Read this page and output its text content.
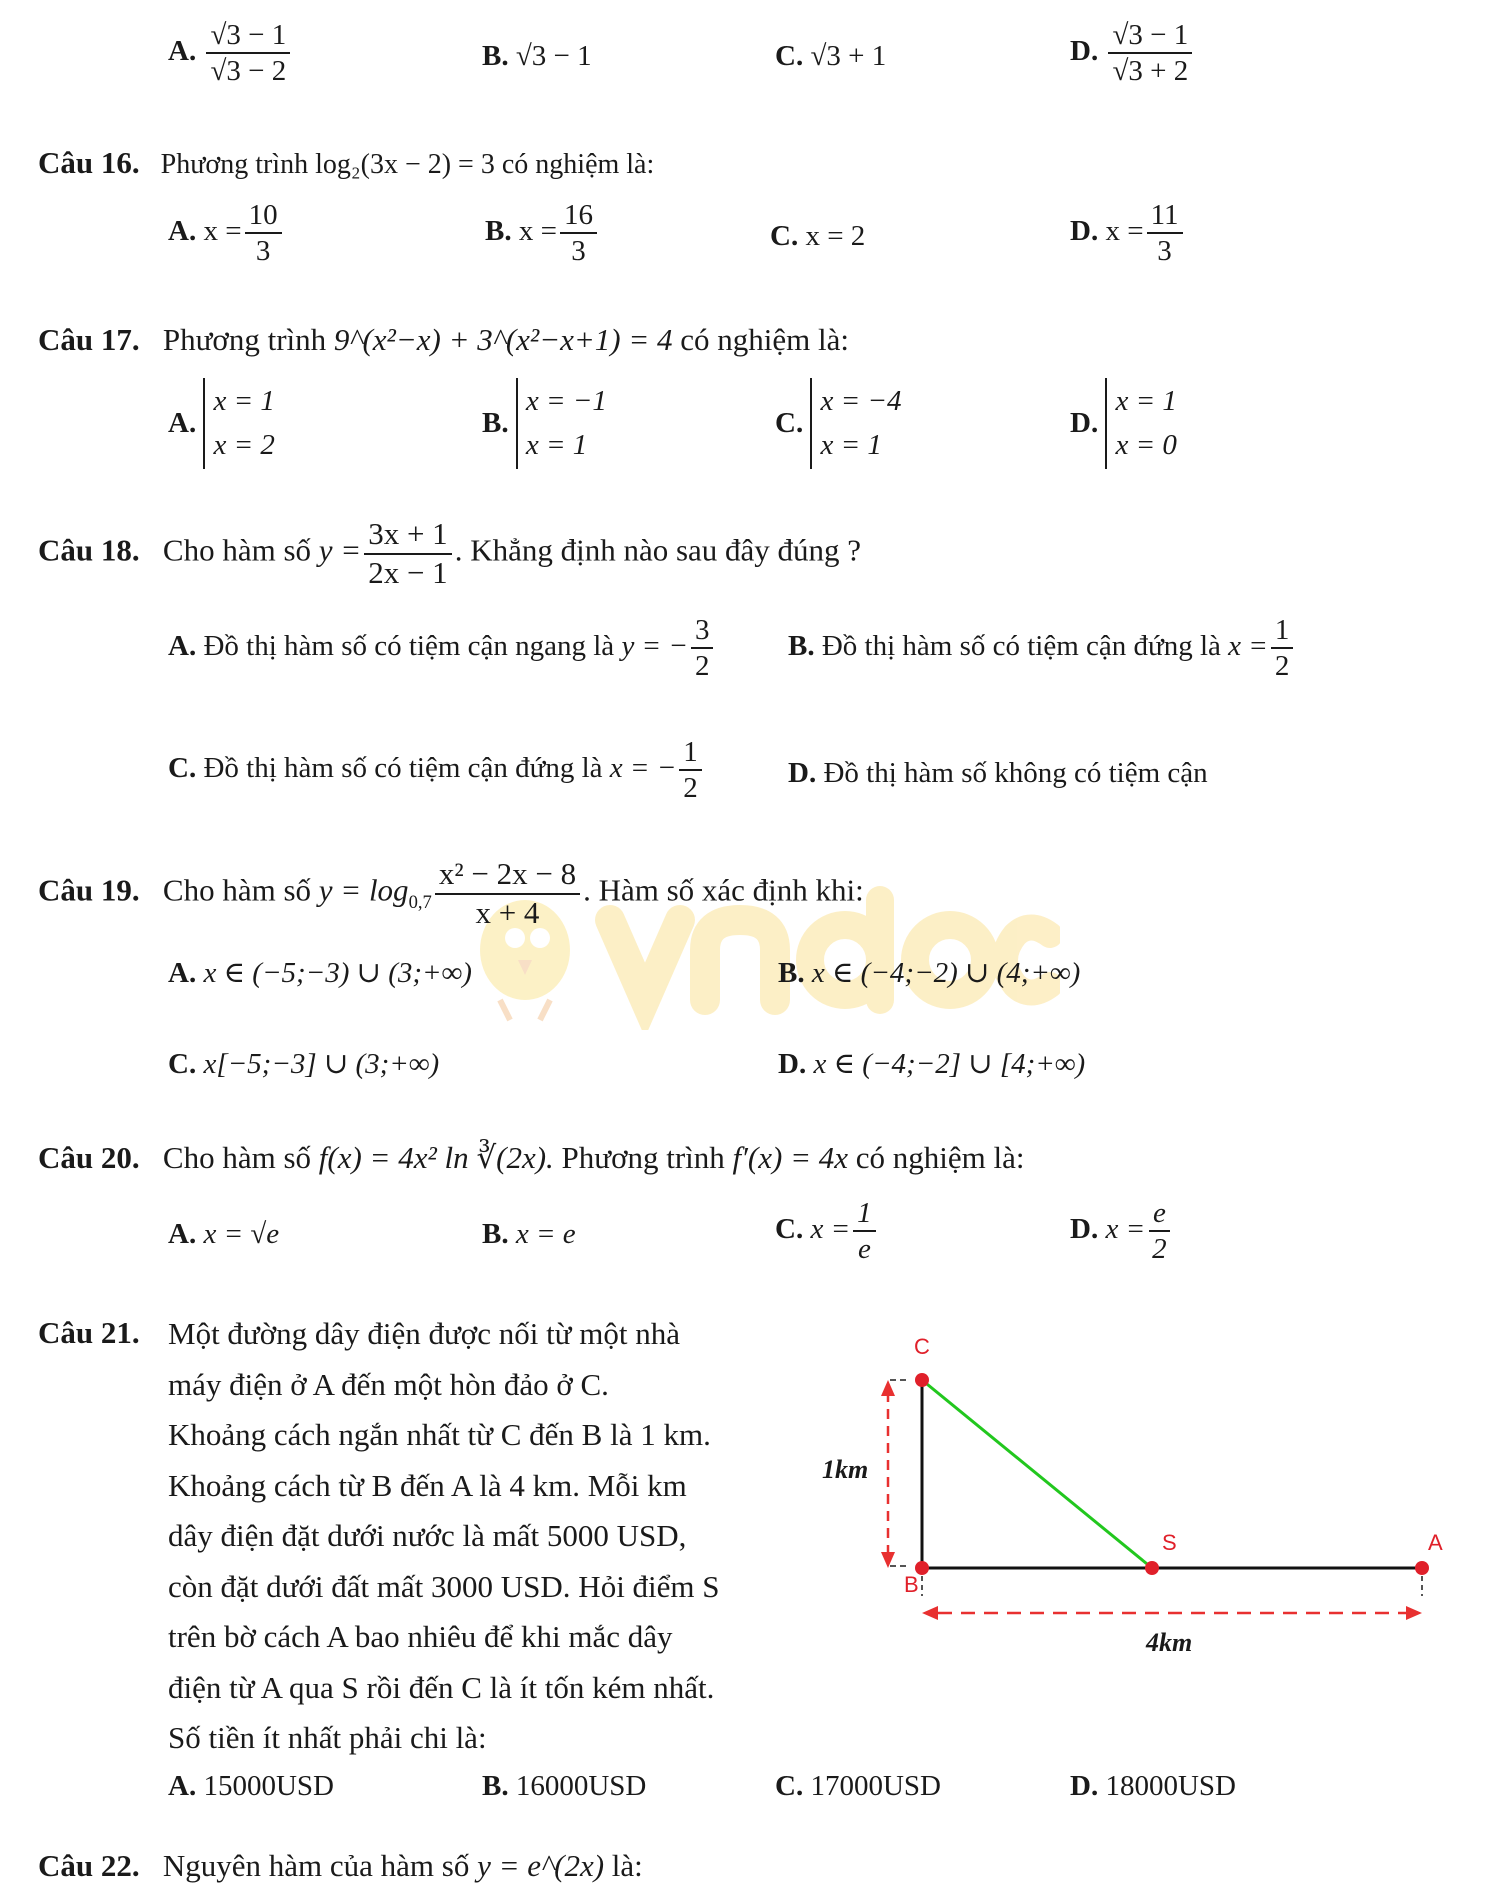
A. $\frac{√3 - 1}{√3 - 2}$	B. √3 − 1	C. √3 + 1	D. $\frac{√3 - 1}{√3 + 2}$
Câu 16. Phương trình log₂(3x − 2) = 3 có nghiệm là:
A. $x = \frac{10}{3}$	B. $x = \frac{16}{3}$	C. x = 2	D. $x = \frac{11}{3}$
Câu 17. Phương trình 9^(x²−x) + 3^(x²−x+1) = 4 có nghiệm là:
A.
x = 1
x = 2
B.
x = −1
x = 1
C.
x = −4
x = 1
D.
x = 1
x = 0
Câu 18. Cho hàm số $y = \frac{3x + 1}{2x - 1}$ . Khẳng định nào sau đây đúng ?
A. Đồ thị hàm số có tiệm cận ngang là y = − $\frac{3}{2}$	B. Đồ thị hàm số có tiệm cận đứng là $x = \frac{1}{2}$
C. Đồ thị hàm số có tiệm cận đứng là x = − $\frac{1}{2}$	D. Đồ thị hàm số không có tiệm cận
Câu 19. Cho hàm số $y = \log_{0,7} \frac{\text{x² − 2x − 8}}{x + 4}$ . Hàm số xác định khi:
A. x ∈ (−5;−3) ∪ (3;+∞)	B. x ∈ (−4;−2) ∪ (4;+∞)
C. x[−5;−3] ∪ (3;+∞)	D. x ∈ (−4;−2] ∪ [4;+∞)
Câu 20. Cho hàm số f(x) = 4x² ln ∛(2x). Phương trình f′(x) = 4x có nghiệm là:
A. x = √e	B. x = e	C. $x = \frac{1}{e}$	D. $x = \frac{e}{2}$
Câu 21. Một đường dây điện được nối từ một nhà
máy điện ở A đến một hòn đảo ở C.
Khoảng cách ngắn nhất từ C đến B là 1 km.
Khoảng cách từ B đến A là 4 km. Mỗi km
dây điện đặt dưới nước là mất 5000 USD,
còn đặt dưới đất mất 3000 USD. Hỏi điểm S
trên bờ cách A bao nhiêu để khi mắc dây
điện từ A qua S rồi đến C là ít tốn kém nhất.
Số tiền ít nhất phải chi là:
1km
C
B
S	A
4km
A. 15000USD	B. 16000USD	C. 17000USD	D. 18000USD
Câu 22. Nguyên hàm của hàm số y = e^(2x) là:
